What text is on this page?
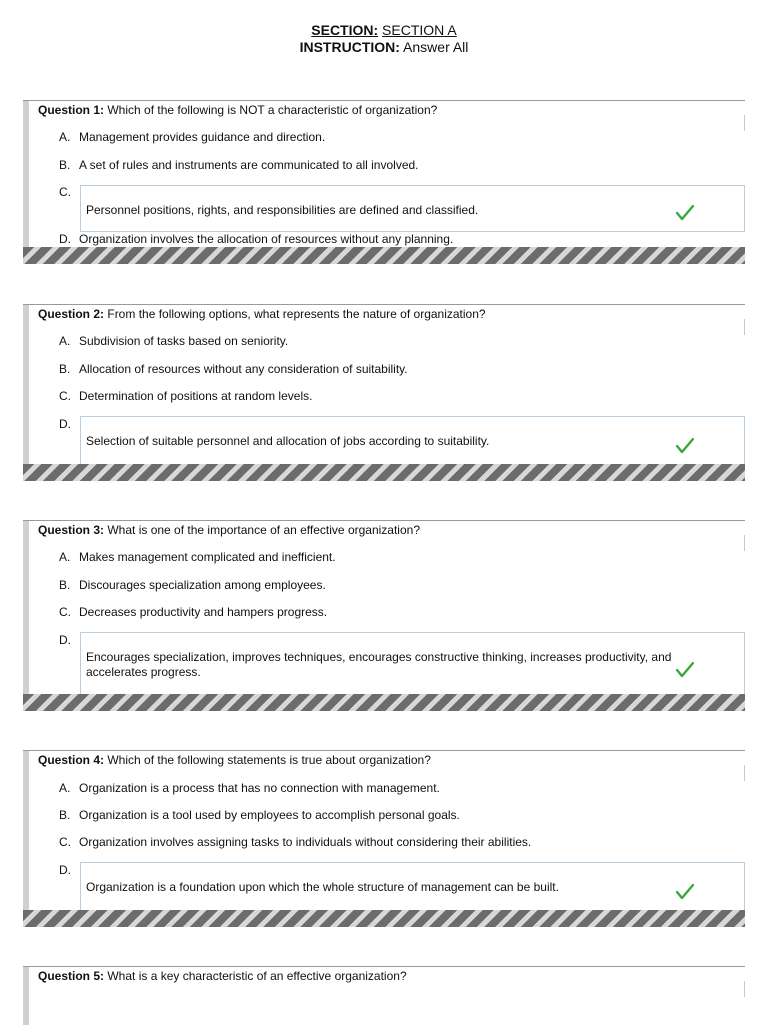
SECTION: SECTION A
INSTRUCTION: Answer All
Question 1: Which of the following is NOT a characteristic of organization?
A. Management provides guidance and direction.
B. A set of rules and instruments are communicated to all involved.
C.
Personnel positions, rights, and responsibilities are defined and classified.
D. Organization involves the allocation of resources without any planning.
Question 2: From the following options, what represents the nature of organization?
A. Subdivision of tasks based on seniority.
B. Allocation of resources without any consideration of suitability.
C. Determination of positions at random levels.
D.
Selection of suitable personnel and allocation of jobs according to suitability.
Question 3: What is one of the importance of an effective organization?
A. Makes management complicated and inefficient.
B. Discourages specialization among employees.
C. Decreases productivity and hampers progress.
D.
Encourages specialization, improves techniques, encourages constructive thinking, increases productivity, and accelerates progress.
Question 4: Which of the following statements is true about organization?
A. Organization is a process that has no connection with management.
B. Organization is a tool used by employees to accomplish personal goals.
C. Organization involves assigning tasks to individuals without considering their abilities.
D.
Organization is a foundation upon which the whole structure of management can be built.
Question 5: What is a key characteristic of an effective organization?
